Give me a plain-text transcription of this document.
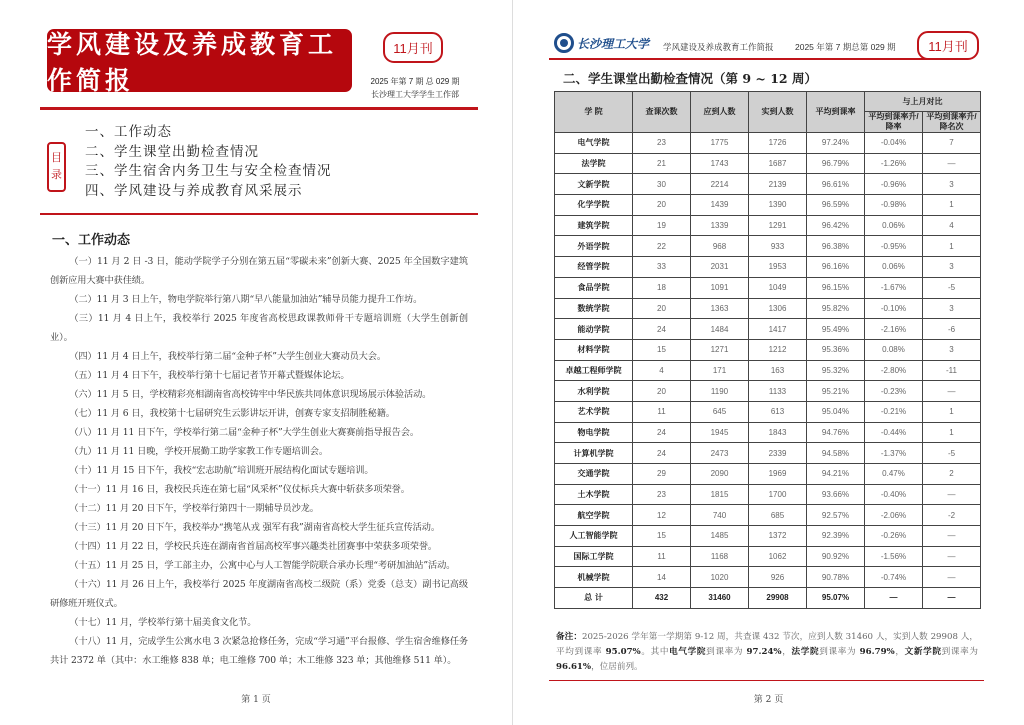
学风建设及养成教育工作简报
11月刊
2025 年第 7 期 总 029 期
长沙理工大学学生工作部
目
录
一、工作动态
二、学生课堂出勤检查情况
三、学生宿舍内务卫生与安全检查情况
四、学风建设与养成教育风采展示
一、工作动态

（一）11 月 2 日 -3 日，能动学院学子分别在第五届“零碳未来”创新大赛、2025 年全国数字建筑创新应用大赛中获佳绩。

（二）11 月 3 日上午，物电学院举行第八期“早八能量加油站”辅导员能力提升工作坊。

（三）11 月 4 日上午，我校举行 2025 年度省高校思政课教师骨干专题培训班（大学生创新创业）。

（四）11 月 4 日上午，我校举行第二届“金种子杯”大学生创业大赛动员大会。

（五）11 月 4 日下午，我校举行第十七届记者节开幕式暨媒体论坛。

（六）11 月 5 日，学校精彩亮相湖南省高校铸牢中华民族共同体意识现场展示体验活动。

（七）11 月 6 日，我校第十七届研究生云影讲坛开讲，创赛专家支招制胜秘籍。

（八）11 月 11 日下午，学校举行第二届“金种子杯”大学生创业大赛赛前指导报告会。

（九）11 月 11 日晚，学校开展勤工助学家教工作专题培训会。

（十）11 月 15 日下午，我校“宏志助航”培训班开展结构化面试专题培训。

（十一）11 月 16 日，我校民兵连在第七届“风采杯”仪仗标兵大赛中斩获多项荣誉。

（十二）11 月 20 日下午，学校举行第四十一期辅导员沙龙。

（十三）11 月 20 日下午，我校举办“携笔从戎 强军有我”湖南省高校大学生征兵宣传活动。

（十四）11 月 22 日，学校民兵连在湖南省首届高校军事兴趣类社团赛事中荣获多项荣誉。

（十五）11 月 25 日，学工部主办，公寓中心与人工智能学院联合承办长理“考研加油站”活动。

（十六）11 月 26 日上午，我校举行 2025 年度湖南省高校二级院（系）党委（总支）副书记高级研修班开班仪式。

（十七）11 月，学校举行第十届美食文化节。

（十八）11 月，完成学生公寓水电 3 次紧急抢修任务，完成“学习通”平台报修、学生宿舍维修任务共计 2372 单（其中：水工维修 838 单；电工维修 700 单；木工维修 323 单；其他维修 511 单）。

第 1 页
长沙理工大学 学风建设及养成教育工作简报	2025 年第 7 期总第 029 期	11月刊
二、学生课堂出勤检查情况（第 9 ~ 12 周）
第 2 页
学 院	查课次数	应到人数	实到人数	平均到课率	与上月对比	
					平均到课率升/降率	平均到课率升/降名次
电气学院	23	1775	1726	97.24%	-0.04%	7
法学院	21	1743	1687	96.79%	-1.26%	—
文新学院	30	2214	2139	96.61%	-0.96%	3
化学学院	20	1439	1390	96.59%	-0.98%	1
建筑学院	19	1339	1291	96.42%	0.06%	4
外语学院	22	968	933	96.38%	-0.95%	1
经管学院	33	2031	1953	96.16%	0.06%	3
食品学院	18	1091	1049	96.15%	-1.67%	-5
数统学院	20	1363	1306	95.82%	-0.10%	3
能动学院	24	1484	1417	95.49%	-2.16%	-6
材料学院	15	1271	1212	95.36%	0.08%	3
卓越工程师学院	4	171	163	95.32%	-2.80%	-11
水利学院	20	1190	1133	95.21%	-0.23%	—
艺术学院	11	645	613	95.04%	-0.21%	1
物电学院	24	1945	1843	94.76%	-0.44%	1
计算机学院	24	2473	2339	94.58%	-1.37%	-5
交通学院	29	2090	1969	94.21%	0.47%	2
土木学院	23	1815	1700	93.66%	-0.40%	—
航空学院	12	740	685	92.57%	-2.06%	-2
人工智能学院	15	1485	1372	92.39%	-0.26%	—
国际工学院	11	1168	1062	90.92%	-1.56%	—
机械学院	14	1020	926	90.78%	-0.74%	—
总 计	432	31460	29908	95.07%	—	—
备注：2025-2026 学年第一学期第 9-12 周，共查课 432 节次，应到人数 31460 人，实到人数 29908 人，平均到课率 95.07%。其中电气学院到课率为 97.24%，法学院到课率为 96.79%，文新学院到课率为 96.61%，位居前列。
